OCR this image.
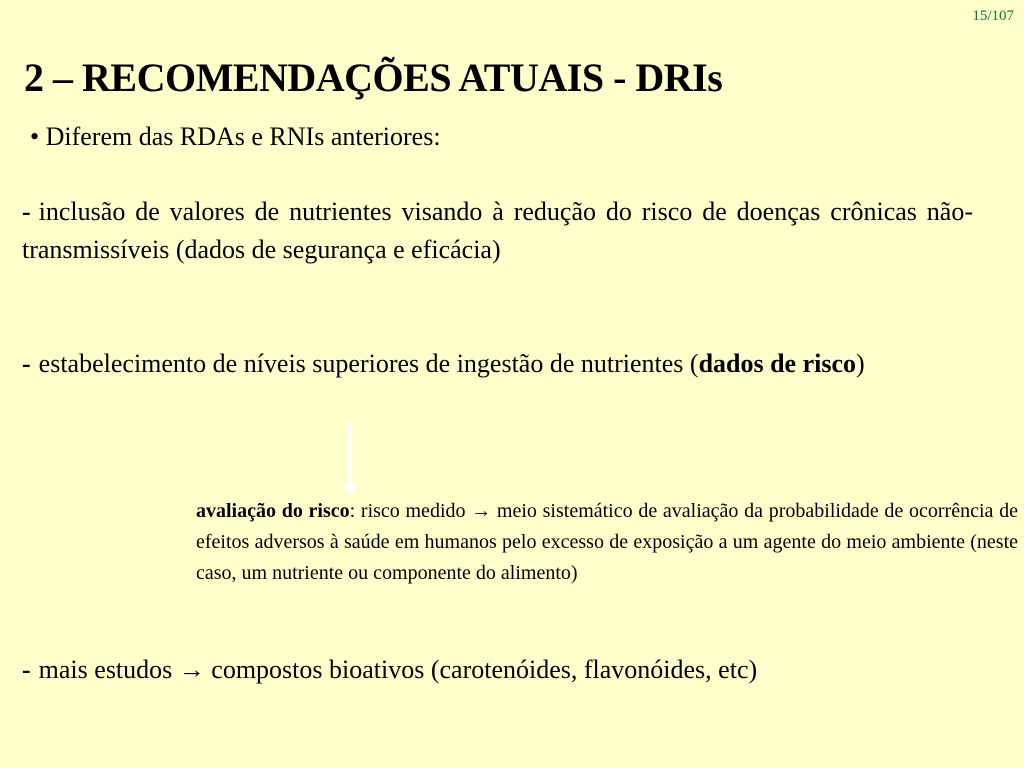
15/107
2 – RECOMENDAÇÕES ATUAIS - DRIs
• Diferem das RDAs e RNIs anteriores:
- inclusão de valores de nutrientes visando à redução do risco de doenças crônicas não-transmissíveis (dados de segurança e eficácia)
- estabelecimento de níveis superiores de ingestão de nutrientes (dados de risco)
avaliação do risco: risco medido → meio sistemático de avaliação da probabilidade de ocorrência de efeitos adversos à saúde em humanos pelo excesso de exposição a um agente do meio ambiente (neste caso, um nutriente ou componente do alimento)
- mais estudos → compostos bioativos (carotenóides, flavonóides, etc)
